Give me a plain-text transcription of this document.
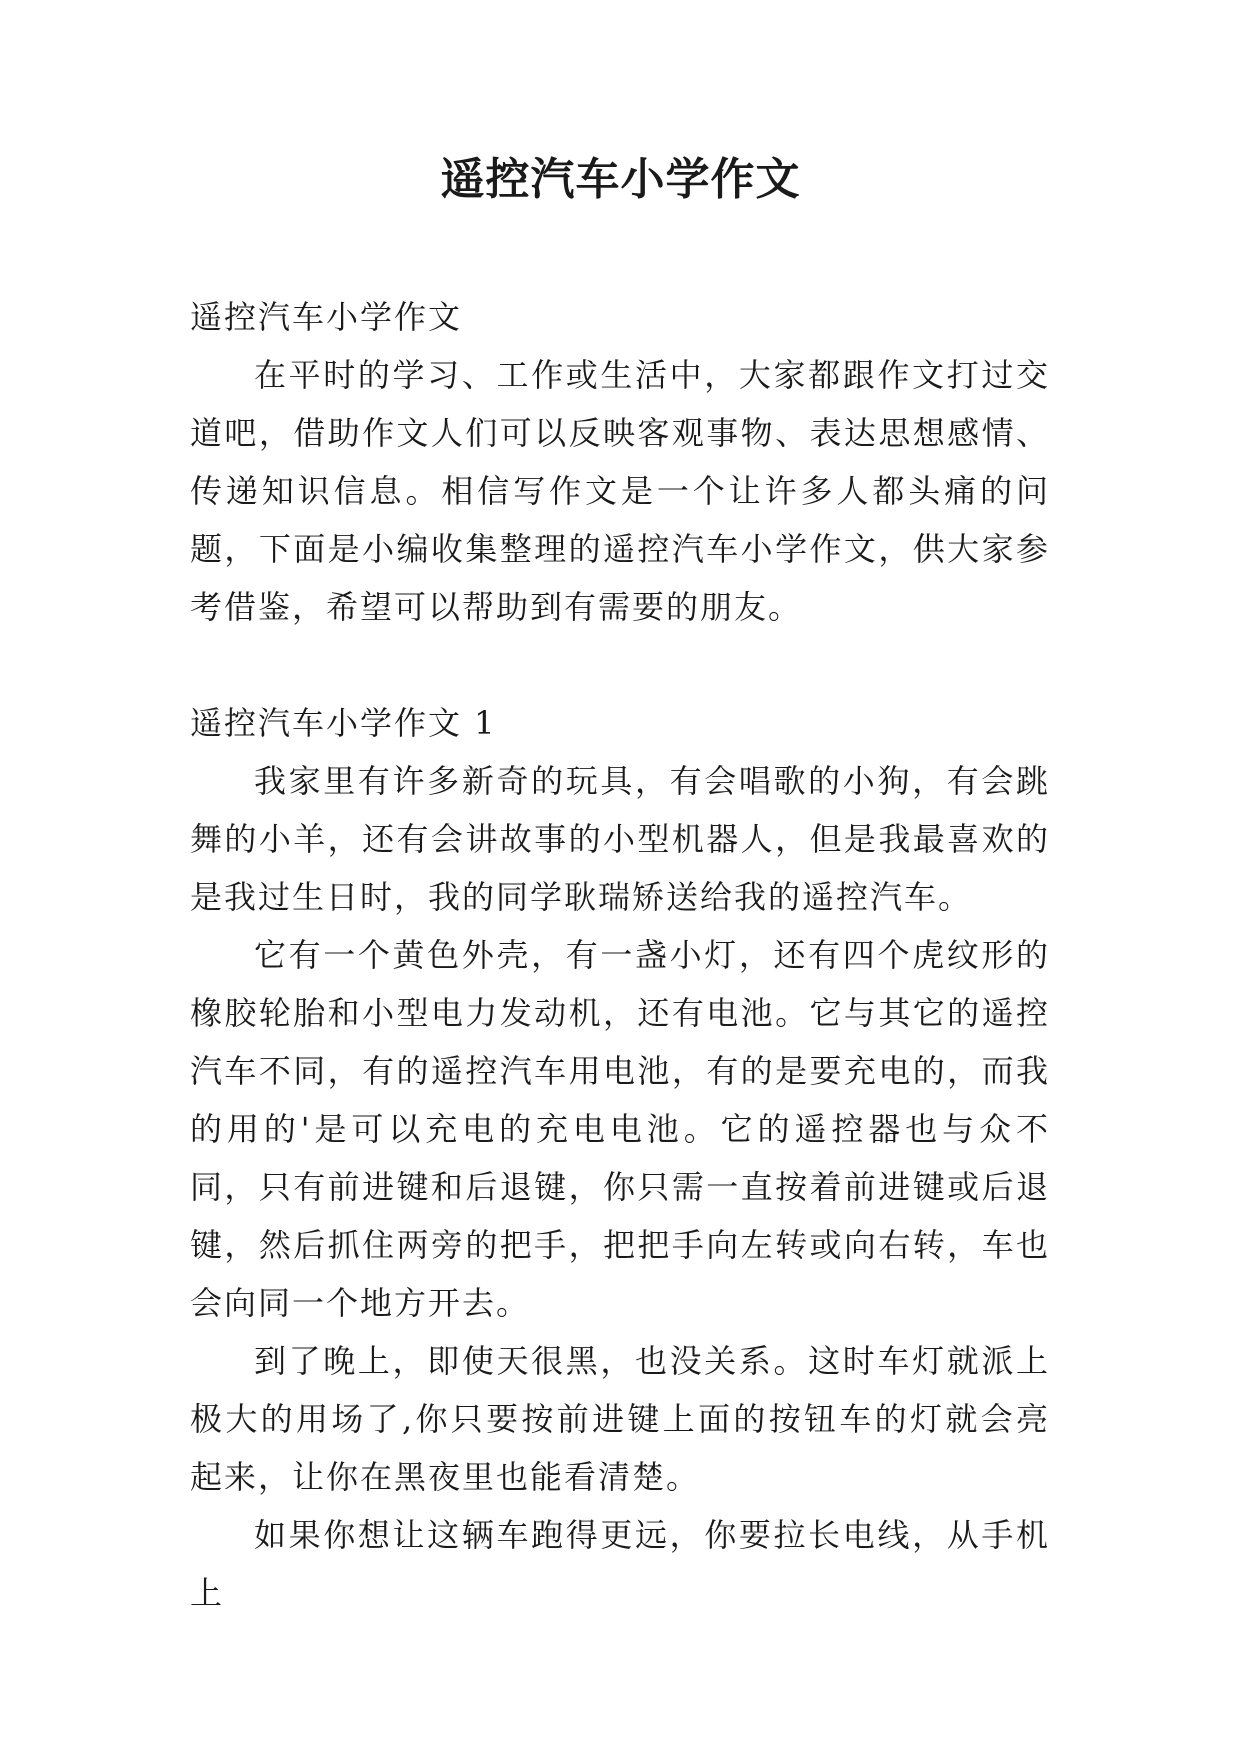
遥控汽车小学作文
遥控汽车小学作文

在平时的学习、工作或生活中，大家都跟作文打过交道吧，借助作文人们可以反映客观事物、表达思想感情、传递知识信息。相信写作文是一个让许多人都头痛的问题，下面是小编收集整理的遥控汽车小学作文，供大家参考借鉴，希望可以帮助到有需要的朋友。

遥控汽车小学作文 1

我家里有许多新奇的玩具，有会唱歌的小狗，有会跳舞的小羊，还有会讲故事的小型机器人，但是我最喜欢的是我过生日时，我的同学耿瑞矫送给我的遥控汽车。

它有一个黄色外壳，有一盏小灯，还有四个虎纹形的橡胶轮胎和小型电力发动机，还有电池。它与其它的遥控汽车不同，有的遥控汽车用电池，有的是要充电的，而我的用的'是可以充电的充电电池。它的遥控器也与众不同，只有前进键和后退键，你只需一直按着前进键或后退键，然后抓住两旁的把手，把把手向左转或向右转，车也会向同一个地方开去。

到了晚上，即使天很黑，也没关系。这时车灯就派上极大的用场了,你只要按前进键上面的按钮车的灯就会亮起来，让你在黑夜里也能看清楚。

如果你想让这辆车跑得更远，你要拉长电线，从手机上
